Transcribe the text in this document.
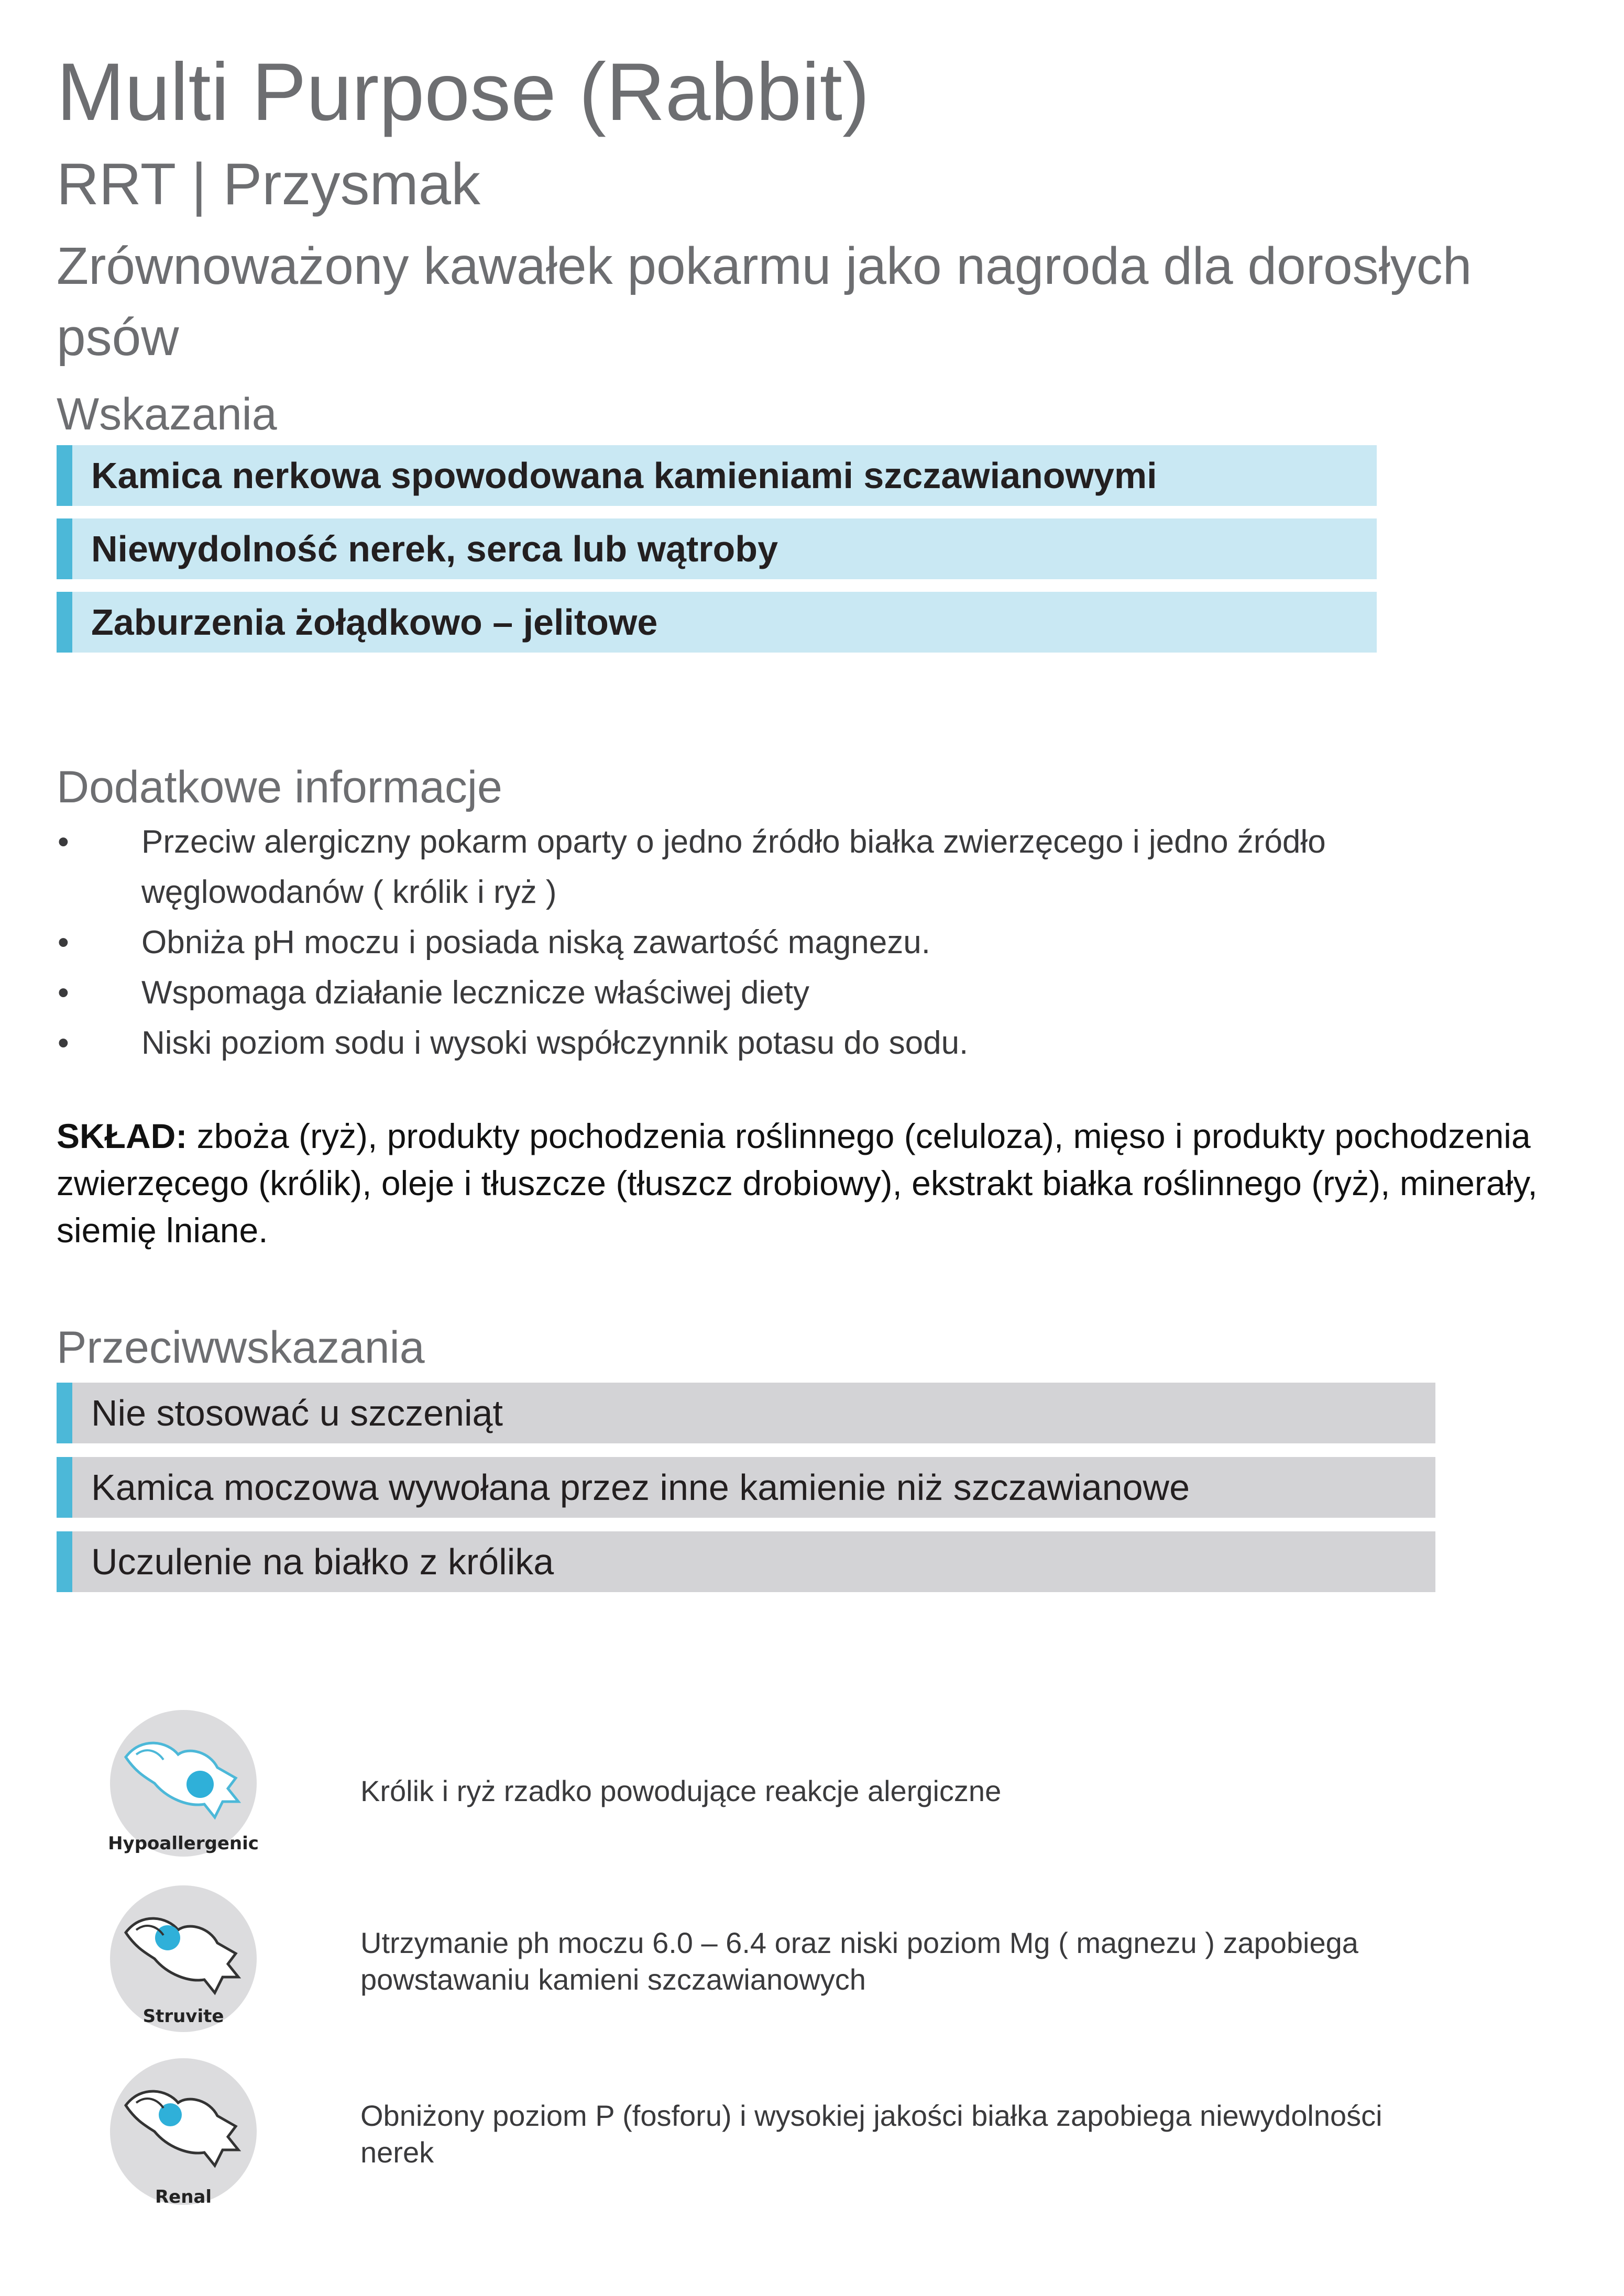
Multi Purpose (Rabbit)
RRT | Przysmak
Zrównoważony kawałek pokarmu jako nagroda dla dorosłych psów
Wskazania
Kamica nerkowa spowodowana kamieniami szczawianowymi
Niewydolność nerek, serca lub wątroby
Zaburzenia żołądkowo – jelitowe
Dodatkowe informacje
•	Przeciw alergiczny pokarm oparty o jedno źródło białka zwierzęcego i jedno źródło węglowodanów ( królik i ryż )
•	Obniża pH moczu i posiada niską zawartość magnezu.
•	Wspomaga działanie lecznicze właściwej diety
•	Niski poziom sodu i wysoki współczynnik potasu do sodu.
SKŁAD: zboża (ryż), produkty pochodzenia roślinnego (celuloza), mięso i produkty pochodzenia zwierzęcego (królik), oleje i tłuszcze (tłuszcz drobiowy), ekstrakt białka roślinnego (ryż), minerały, siemię lniane.
Przeciwwskazania
Nie stosować u szczeniąt
Kamica moczowa wywołana przez inne kamienie niż szczawianowe
Uczulenie na białko z królika
Hypoallergenic
Królik i ryż rzadko powodujące reakcje alergiczne
Struvite
Utrzymanie ph moczu 6.0 – 6.4 oraz niski poziom Mg ( magnezu ) zapobiega powstawaniu kamieni szczawianowych
Renal
Obniżony poziom P (fosforu) i wysokiej jakości białka zapobiega niewydolności nerek
